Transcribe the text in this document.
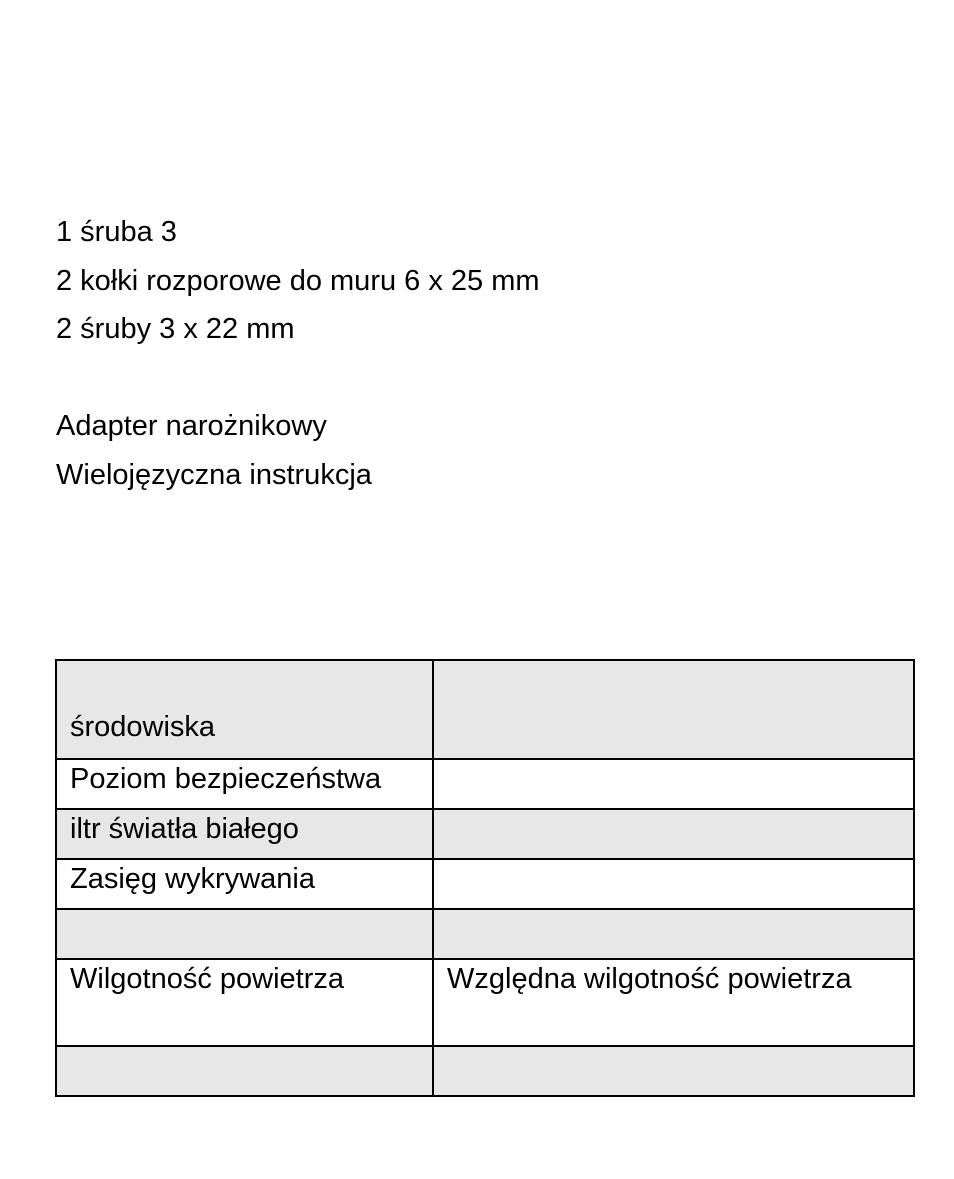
1 śruba 3
2 kołki rozporowe do muru 6 x 25 mm
2 śruby 3 x 22 mm
Adapter narożnikowy
Wielojęzyczna instrukcja
środowiska	
Poziom bezpieczeństwa	
iltr światła białego	
Zasięg wykrywania	

Wilgotność powietrza	Względna wilgotność powietrza
